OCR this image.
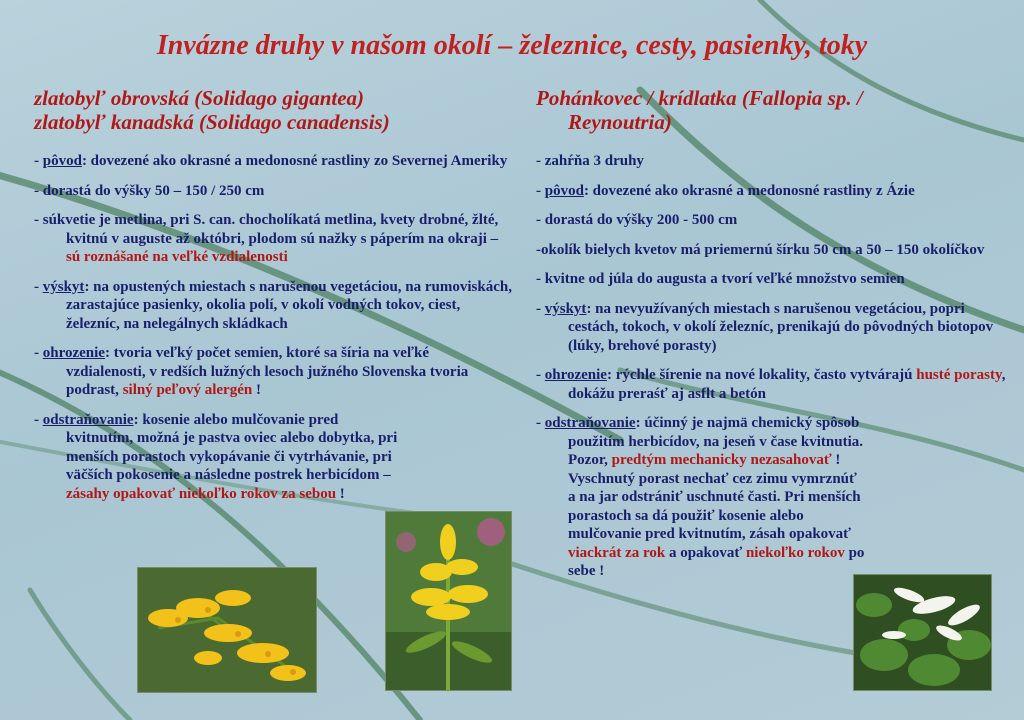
Invázne druhy v našom okolí – železnice, cesty, pasienky, toky
zlatobyľ obrovská (Solidago gigantea)
zlatobyľ kanadská (Solidago canadensis)
- pôvod: dovezené ako okrasné a medonosné rastliny zo Severnej Ameriky
- dorastá do výšky 50 – 150 / 250 cm
- súkvetie je metlina, pri S. can. chocholíkatá metlina, kvety drobné, žlté, kvitnú v auguste až októbri, plodom sú nažky s páperím na okraji – sú roznášané na veľké vzdialenosti
- výskyt: na opustených miestach s narušenou vegetáciou, na rumoviskách, zarastajúce pasienky, okolia polí, v okolí vodných tokov, ciest, železníc, na nelegálnych skládkach
- ohrozenie: tvoria veľký počet semien, ktoré sa šíria na veľké vzdialenosti, v redších lužných lesoch južného Slovenska tvoria podrast, silný peľový alergén !
- odstraňovanie: kosenie alebo mulčovanie pred kvitnutím, možná je pastva oviec alebo dobytka, pri menších porastoch vykopávanie či vytrhávanie, pri väčších pokosenie a následne postrek herbicídom – zásahy opakovať niekoľko rokov za sebou !
Pohánkovec / krídlatka (Fallopia sp. /
Reynoutria)
- zahŕňa 3 druhy
- pôvod: dovezené ako okrasné a medonosné rastliny z Ázie
- dorastá do výšky 200 - 500 cm
-okolík bielych kvetov má priemernú šírku 50 cm a 50 – 150 okolíčkov
- kvitne od júla do augusta a tvorí veľké množstvo semien
- výskyt: na nevyužívaných miestach s narušenou vegetáciou, popri cestách, tokoch, v okolí železníc, prenikajú do pôvodných biotopov (lúky, brehové porasty)
- ohrozenie: rýchle šírenie na nové lokality, často vytvárajú husté porasty, dokážu preraśť aj asflt a betón
- odstraňovanie: účinný je najmä chemický spôsob použitím herbicídov, na jeseň v čase kvitnutia. Pozor, predtým mechanicky nezasahovať ! Vyschnutý porast nechať cez zimu vymrznúť a na jar odstrániť uschnuté časti. Pri menších porastoch sa dá použiť kosenie alebo mulčovanie pred kvitnutím, zásah opakovať viackrát za rok a opakovať niekoľko rokov po sebe !
